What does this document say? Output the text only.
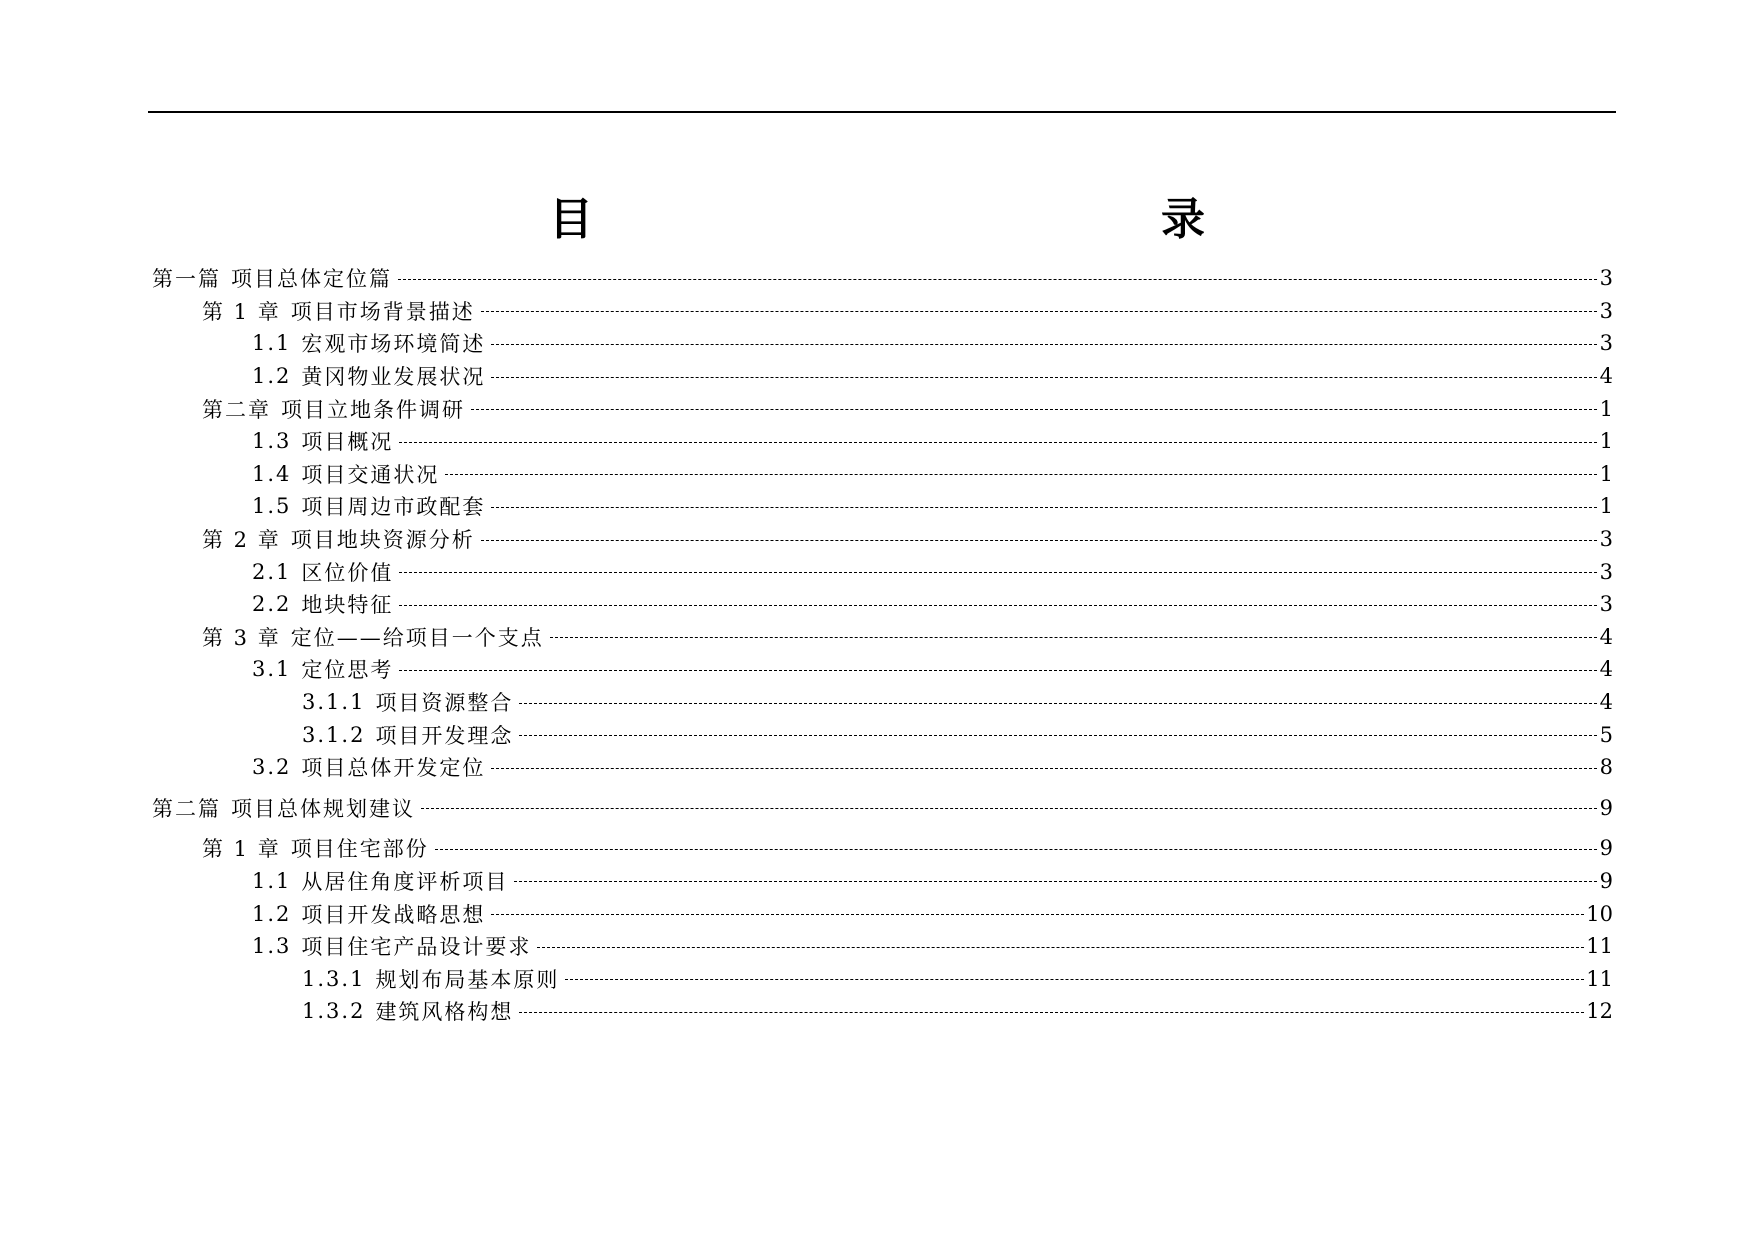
目　　录
第一篇 项目总体定位篇	3
第 1 章 项目市场背景描述	3
1.1 宏观市场环境简述	3
1.2 黄冈物业发展状况	4
第二章 项目立地条件调研	1
1.3 项目概况	1
1.4 项目交通状况	1
1.5 项目周边市政配套	1
第 2 章 项目地块资源分析	3
2.1 区位价值	3
2.2 地块特征	3
第 3 章 定位——给项目一个支点	4
3.1 定位思考	4
3.1.1 项目资源整合	4
3.1.2 项目开发理念	5
3.2 项目总体开发定位	8
第二篇 项目总体规划建议	9
第 1 章 项目住宅部份	9
1.1 从居住角度评析项目	9
1.2 项目开发战略思想	10
1.3 项目住宅产品设计要求	11
1.3.1 规划布局基本原则	11
1.3.2 建筑风格构想	12
